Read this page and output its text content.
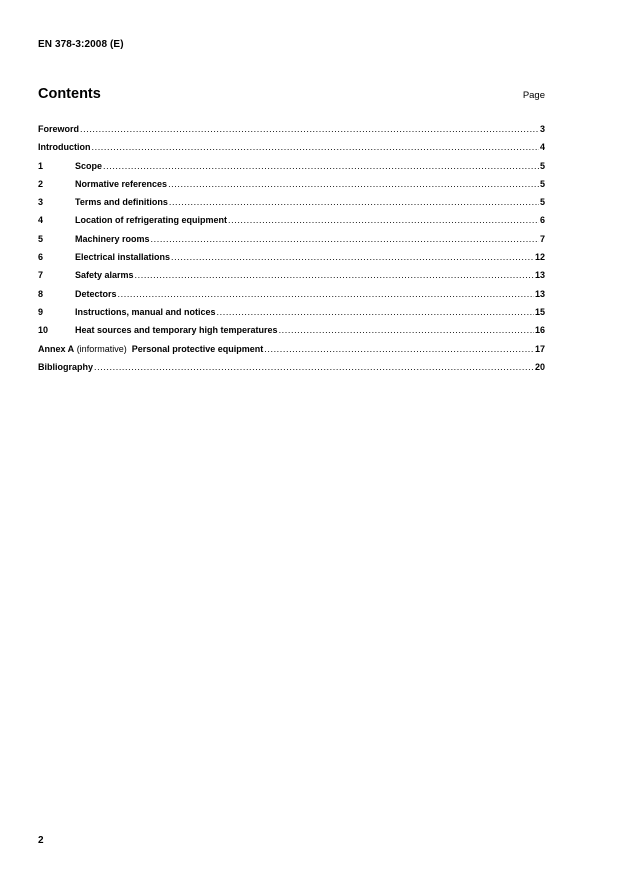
EN 378-3:2008 (E)
Contents	Page
Foreword .....	3
Introduction .....	4
1	Scope .....	5
2	Normative references .....	5
3	Terms and definitions .....	5
4	Location of refrigerating equipment .....	6
5	Machinery rooms .....	7
6	Electrical installations .....	12
7	Safety alarms .....	13
8	Detectors .....	13
9	Instructions, manual and notices .....	15
10	Heat sources and temporary high temperatures .....	16
Annex A (informative) Personal protective equipment .....	17
Bibliography .....	20
2
